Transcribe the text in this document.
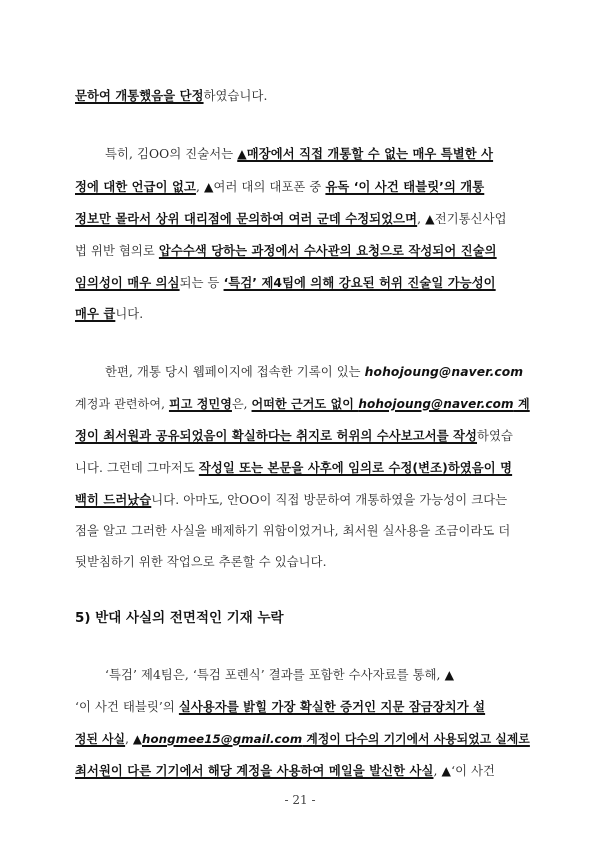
문하여 개통했음을 단정하였습니다.
특히, 김OO의 진술서는 ▲매장에서 직접 개통할 수 없는 매우 특별한 사
정에 대한 언급이 없고, ▲여러 대의 대포폰 중 유독 ‘이 사건 태블릿’의 개통
정보만 몰라서 상위 대리점에 문의하여 여러 군데 수정되었으며, ▲전기통신사업
법 위반 혐의로 압수수색 당하는 과정에서 수사관의 요청으로 작성되어 진술의
임의성이 매우 의심되는 등 ‘특검’ 제4팀에 의해 강요된 허위 진술일 가능성이
매우 큽니다.
한편, 개통 당시 웹페이지에 접속한 기록이 있는 hohojoung@naver.com
계정과 관련하여, 피고 정민영은, 어떠한 근거도 없이 hohojoung@naver.com 계
정이 최서원과 공유되었음이 확실하다는 취지로 허위의 수사보고서를 작성하였습
니다. 그런데 그마저도 작성일 또는 본문을 사후에 임의로 수정(변조)하였음이 명
백히 드러났습니다. 아마도, 안OO이 직접 방문하여 개통하였을 가능성이 크다는
점을 알고 그러한 사실을 배제하기 위함이었거나, 최서원 실사용을 조금이라도 더
뒷받침하기 위한 작업으로 추론할 수 있습니다.
5) 반대 사실의 전면적인 기재 누락
‘특검’ 제4팀은, ‘특검 포렌식’ 결과를 포함한 수사자료를 통해, ▲
‘이 사건 태블릿’의 실사용자를 밝힐 가장 확실한 증거인 지문 잠금장치가 설
정된 사실, ▲hongmee15@gmail.com 계정이 다수의 기기에서 사용되었고 실제로
최서원이 다른 기기에서 해당 계정을 사용하여 메일을 발신한 사실, ▲‘이 사건
- 21 -
